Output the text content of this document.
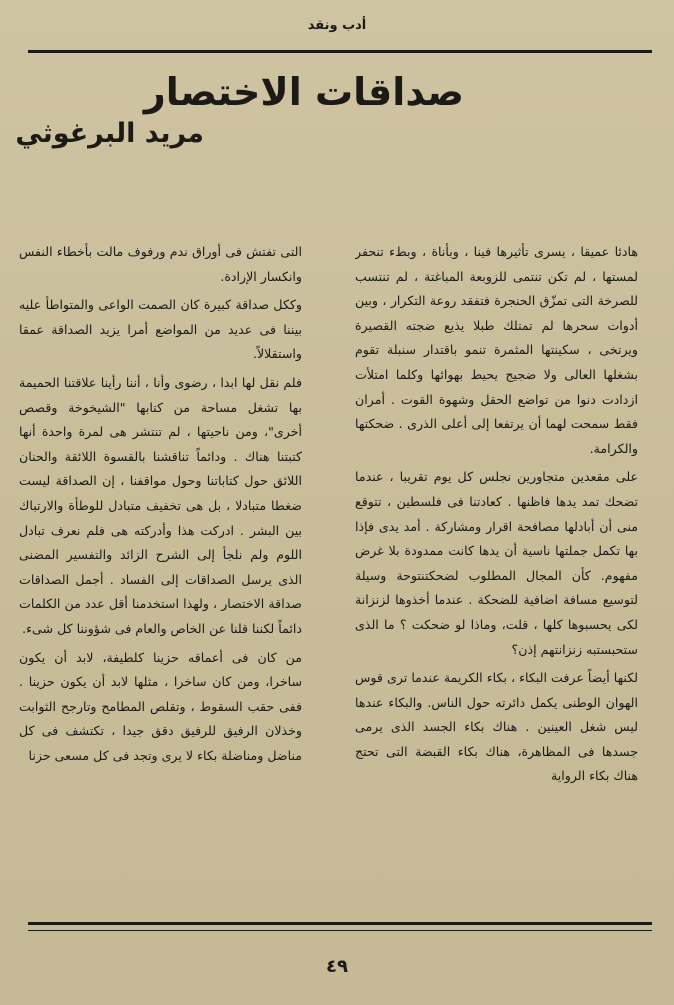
أدب ونقد
صداقات الاختصار
مريد البرغوثي

هادئا عميقا ، يسرى تأثيرها فينا ، وبأناة ، وبطء تنحفر لمستها ، لم تكن تنتمى للزوبعة المباغتة ، لم تنتسب للصرخة التى تمزّق الحنجرة فتفقد روعة التكرار ، وبين أدوات سحرها لم تمتلك طبلا يذيع ضجته القصيرة ويرتخى ، سكينتها المثمرة تنمو باقتدار سنبلة تقوم بشغلها العالى ولا ضجيج يحيط بهوائها وكلما امتلأت ازدادت دنوا من تواضع الحقل وشهوة القوت . أمران فقط سمحت لهما أن يرتفعا إلى أعلى الذرى . ضحكتها والكرامة.

على مقعدين متجاورين نجلس كل يوم تقريبا ، عندما تضحك تمد يدها فاظنها . كعادتنا فى فلسطين ، تتوقع منى أن أبادلها مصافحة اقرار ومشاركة . أمد يدى فإذا بها تكمل جملتها ناسية أن يدها كانت ممدودة بلا غرض مفهوم. كأن المجال المطلوب لضحكتنتوحة وسيلة لتوسيع مسافة اضافية للضحكة . عندما أخذوها لزنزانة لكى يحسبوها كلها ، قلت، وماذا لو ضحكت ؟ ما الذى ستحبستبه زنزانتهم إذن؟

لكنها أيضاً عرفت البكاء ، بكاء الكريمة عندما ترى قوس الهوان الوطنى يكمل دائرته حول الناس. والبكاء عندها ليس شغل العينين . هناك بكاء الجسد الذى يرمى جسدها فى المظاهرة، هناك بكاء القبضة التى تحتج هناك بكاء الرواية

التى تفتش فى أوراق ندم ورفوف مالت بأخطاء النفس وانكسار الإرادة.

وككل صداقة كبيرة كان الصمت الواعى والمتواطأ عليه بيننا فى عديد من المواضع أمرا يزيد الصداقة عمقا واستقلالاً.

فلم نقل لها ابدا ، رضوى وأنا ، أننا رأينا علاقتنا الحميمة بها تشغل مساحة من كتابها "الشيخوخة وقصص أخرى"، ومن ناحيتها ، لم تنتشر هى لمرة واحدة أنها كتبتنا هناك . ودائماً تناقشنا بالقسوة اللائقة والحنان اللائق حول كتاباتنا وحول مواقفنا ، إن الصداقة ليست ضغطا متبادلا ، بل هى تخفيف متبادل للوطأة والارتباك بين البشر . ادركت هذا وأدركته هى فلم نعرف تبادل اللوم ولم نلجأ إلى الشرح الزائد والتفسير المضنى الذى يرسل الصداقات إلى الفساد . أجمل الصداقات صداقة الاختصار ، ولهذا استخدمنا أقل عدد من الكلمات دائماً لكننا قلنا عن الخاص والعام فى شؤوننا كل شىء.

من كان فى أعماقه حزينا كلطيفة، لابد أن يكون ساخرا، ومن كان ساخرا ، مثلها لابد أن يكون حزينا . ففى حقب السقوط ، وتقلص المطامح وتارجح الثوابت وخذلان الرفيق للرفيق دقق جيدا ، تكتشف فى كل مناضل ومناضلة بكاء لا يرى وتجد فى كل مسعى حزنا

٤٩
